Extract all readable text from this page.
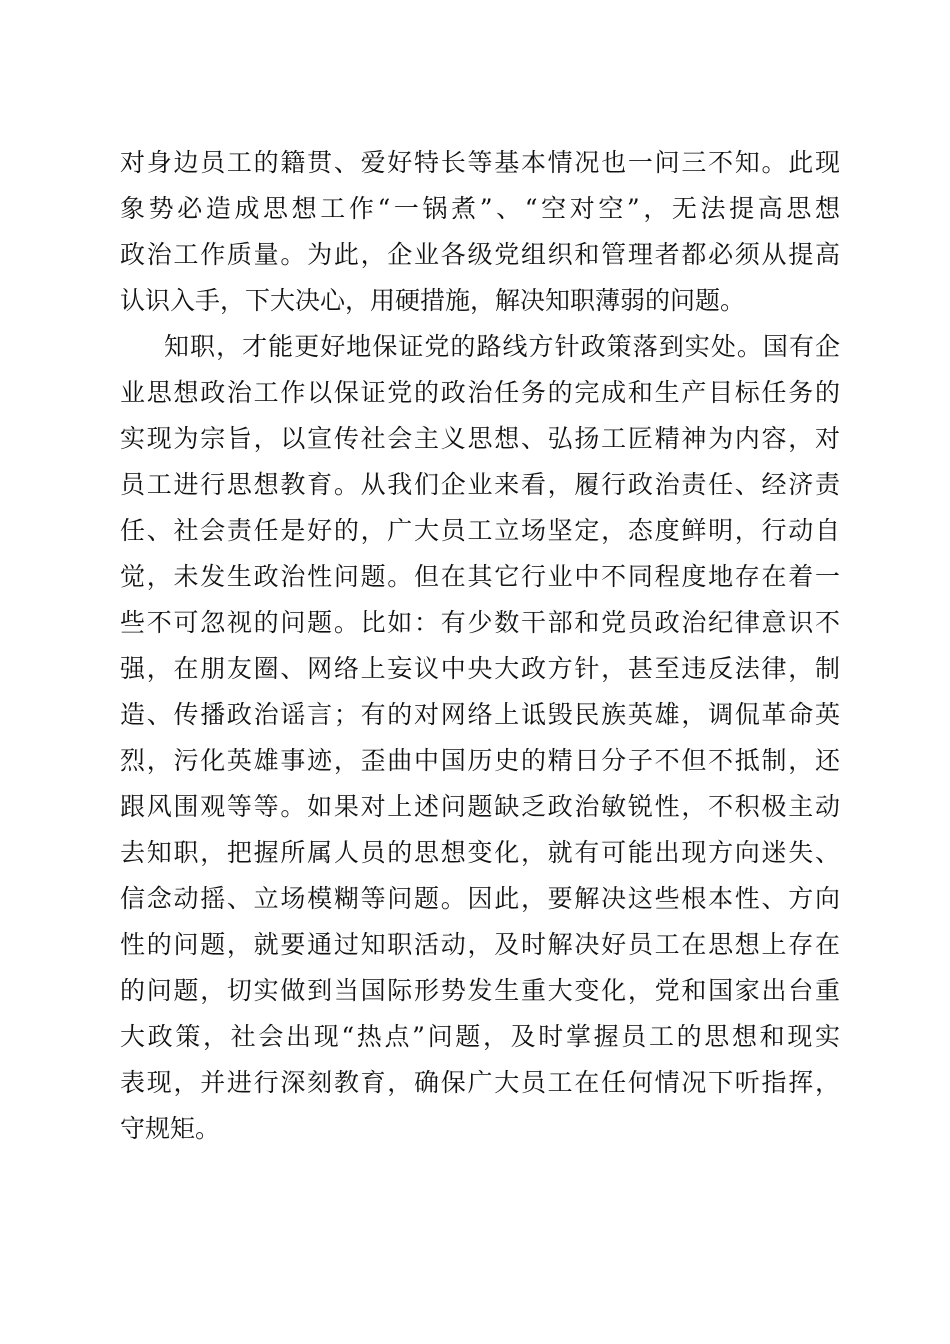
对身边员工的籍贯、爱好特长等基本情况也一问三不知。此现
象势必造成思想工作“一锅煮”、“空对空”，无法提高思想
政治工作质量。为此，企业各级党组织和管理者都必须从提高
认识入手，下大决心，用硬措施，解决知职薄弱的问题。
知职，才能更好地保证党的路线方针政策落到实处。国有企
业思想政治工作以保证党的政治任务的完成和生产目标任务的
实现为宗旨，以宣传社会主义思想、弘扬工匠精神为内容，对
员工进行思想教育。从我们企业来看，履行政治责任、经济责
任、社会责任是好的，广大员工立场坚定，态度鲜明，行动自
觉，未发生政治性问题。但在其它行业中不同程度地存在着一
些不可忽视的问题。比如：有少数干部和党员政治纪律意识不
强，在朋友圈、网络上妄议中央大政方针，甚至违反法律，制
造、传播政治谣言；有的对网络上诋毁民族英雄，调侃革命英
烈，污化英雄事迹，歪曲中国历史的精日分子不但不抵制，还
跟风围观等等。如果对上述问题缺乏政治敏锐性，不积极主动
去知职，把握所属人员的思想变化，就有可能出现方向迷失、
信念动摇、立场模糊等问题。因此，要解决这些根本性、方向
性的问题，就要通过知职活动，及时解决好员工在思想上存在
的问题，切实做到当国际形势发生重大变化，党和国家出台重
大政策，社会出现“热点”问题，及时掌握员工的思想和现实
表现，并进行深刻教育，确保广大员工在任何情况下听指挥，
守规矩。
